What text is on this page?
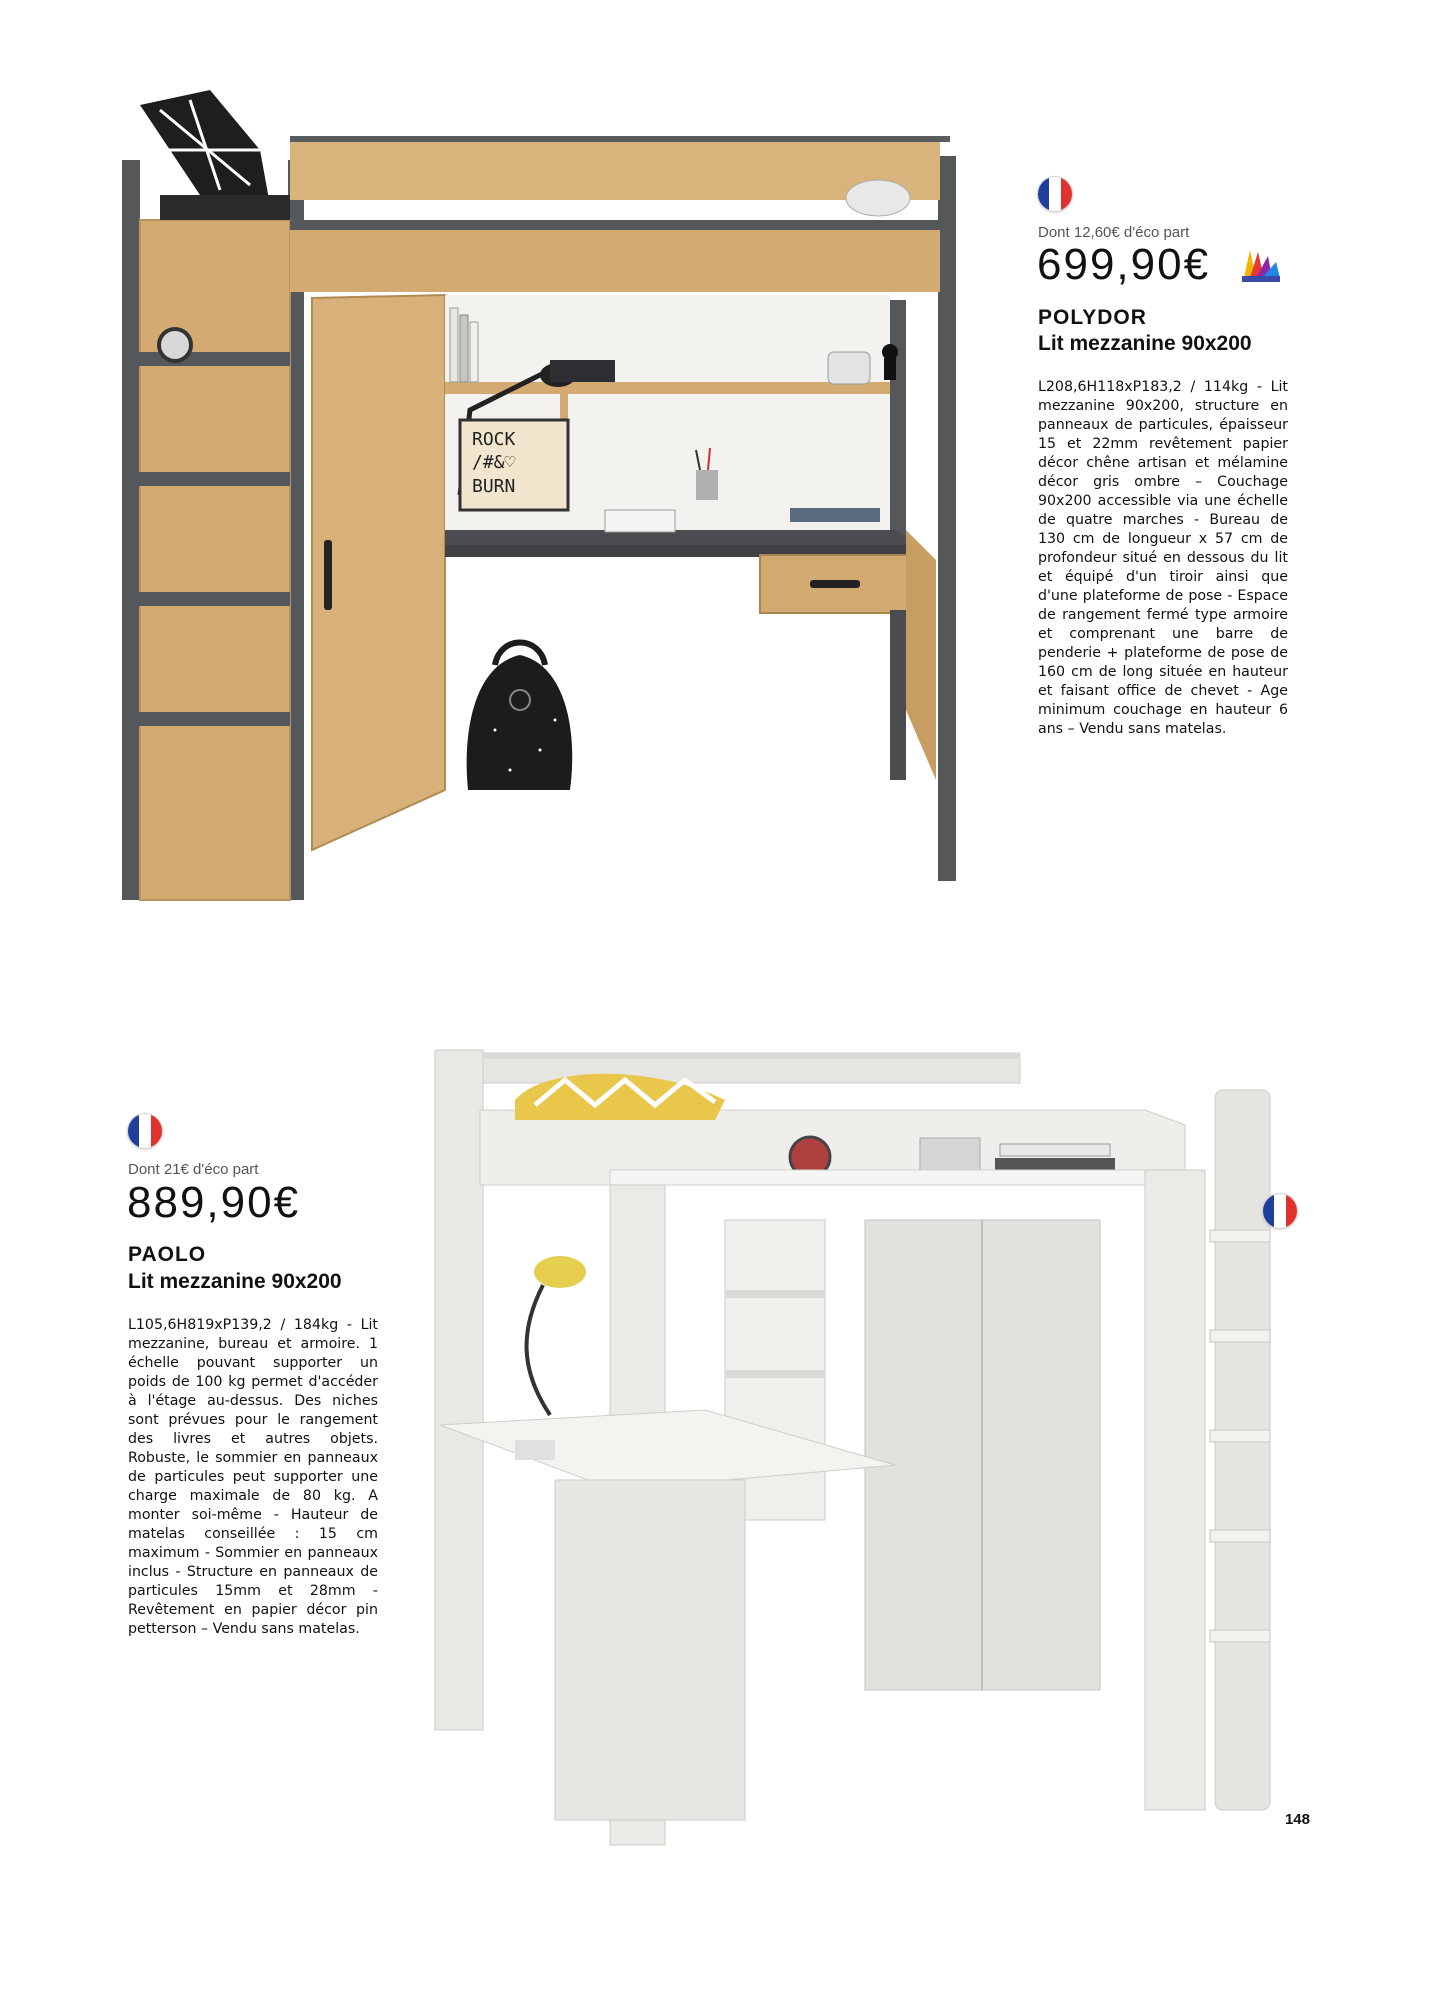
ROCK
/#&♡
BURN
Dont 12,60€ d'éco part
699,90€
POLYDOR
Lit mezzanine 90x200
L208,6H118xP183,2 / 114kg - Lit mezzanine 90x200, structure en panneaux de particules, épaisseur 15 et 22mm revêtement papier décor chêne artisan et mélamine décor gris ombre – Couchage 90x200 accessible via une échelle de quatre marches - Bureau de 130 cm de longueur x 57 cm de profondeur situé en dessous du lit et équipé d'un tiroir ainsi que d'une plateforme de pose - Espace de rangement fermé type armoire et comprenant une barre de penderie + plateforme de pose de 160 cm de long située en hauteur et faisant office de chevet - Age minimum couchage en hauteur 6 ans – Vendu sans matelas.
Dont 21€ d'éco part
889,90€
PAOLO
Lit mezzanine 90x200
L105,6H819xP139,2 / 184kg - Lit mezzanine, bureau et armoire. 1 échelle pouvant supporter un poids de 100 kg permet d'accéder à l'étage au-dessus. Des niches sont prévues pour le rangement des livres et autres objets. Robuste, le sommier en panneaux de particules peut supporter une charge maximale de 80 kg. A monter soi-même - Hauteur de matelas conseillée : 15 cm maximum - Sommier en panneaux inclus - Structure en panneaux de particules 15mm et 28mm - Revêtement en papier décor pin petterson – Vendu sans matelas.
148
